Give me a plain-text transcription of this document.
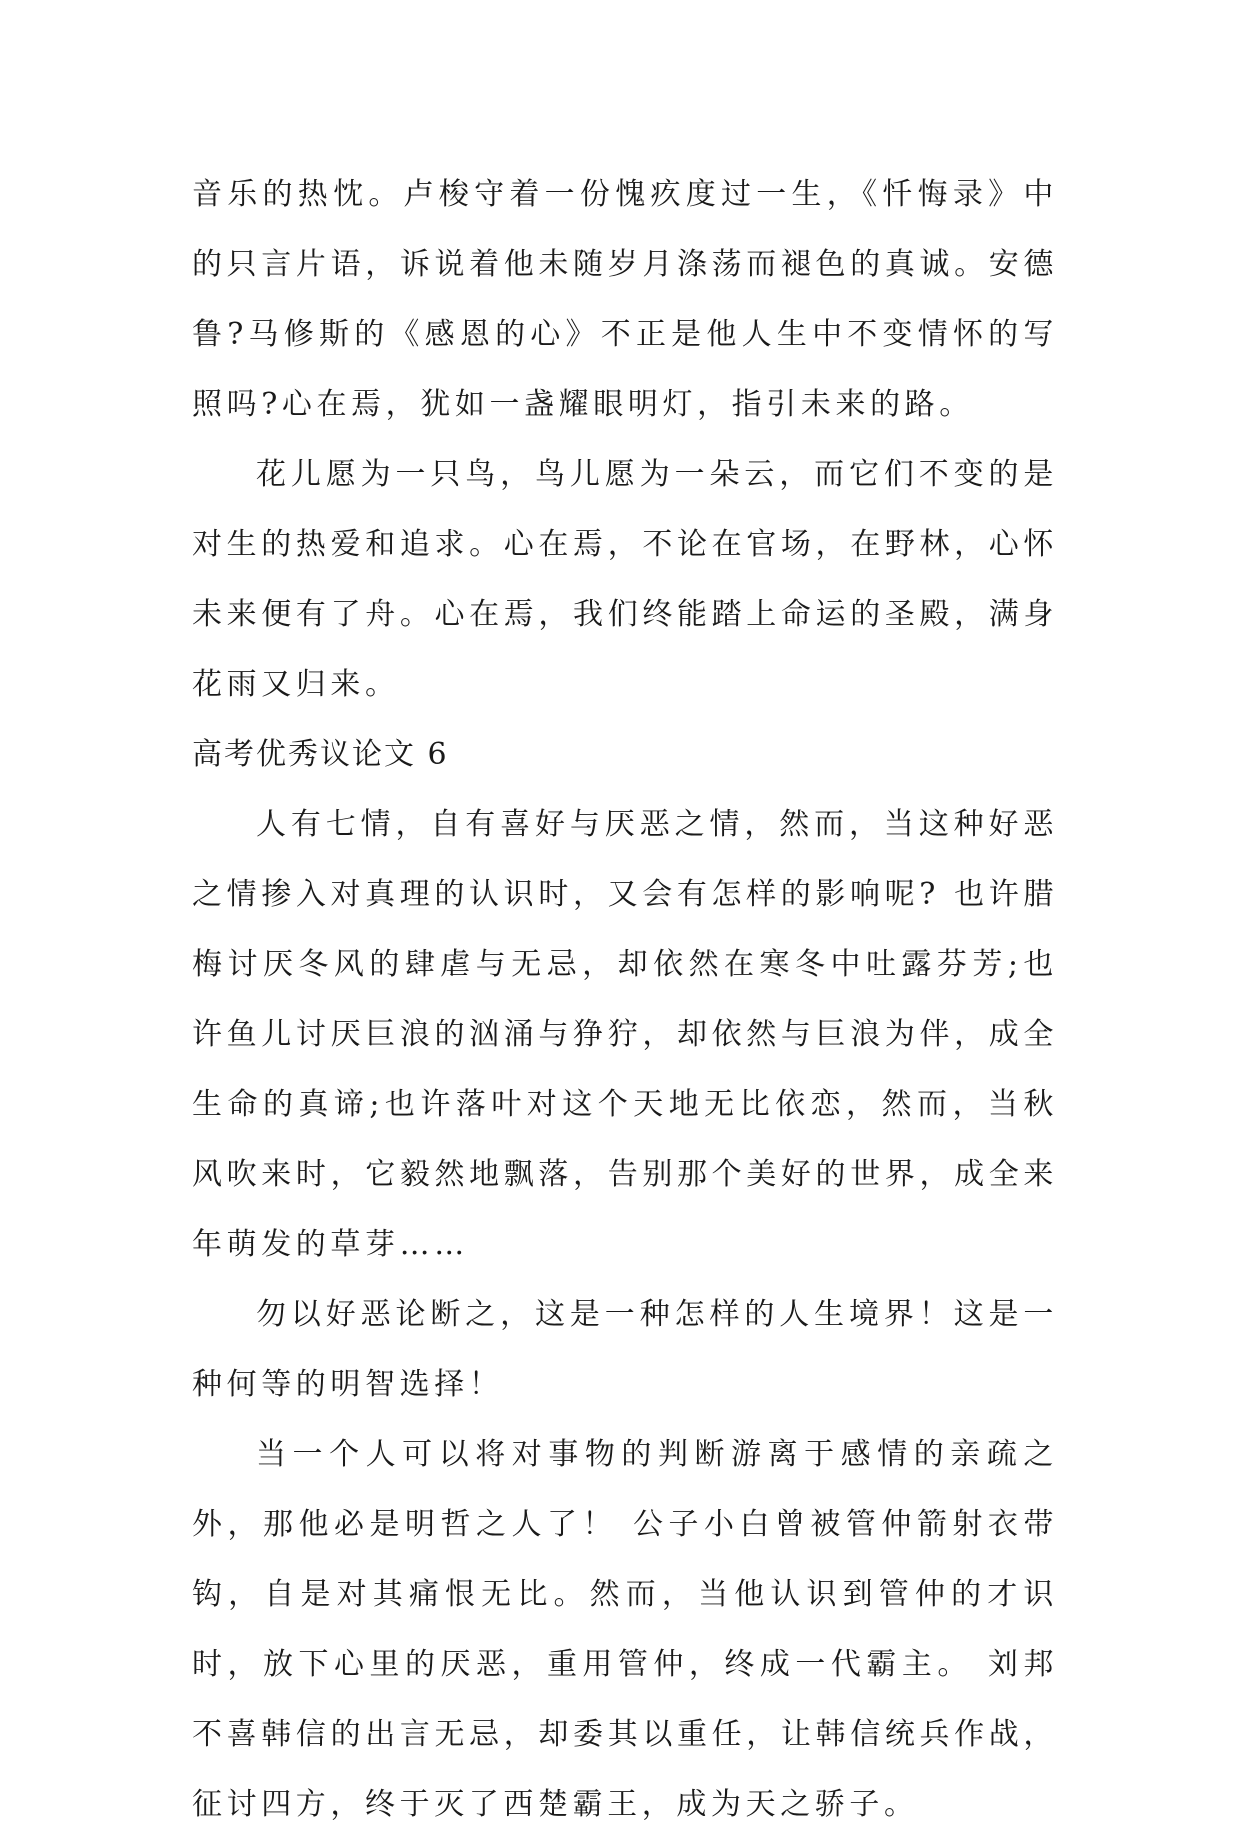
音乐的热忱。卢梭守着一份愧疚度过一生，《忏悔录》中的只言片语，诉说着他未随岁月涤荡而褪色的真诚。安德鲁?马修斯的《感恩的心》不正是他人生中不变情怀的写照吗?心在焉，犹如一盏耀眼明灯，指引未来的路。

花儿愿为一只鸟，鸟儿愿为一朵云，而它们不变的是对生的热爱和追求。心在焉，不论在官场，在野林，心怀未来便有了舟。心在焉，我们终能踏上命运的圣殿，满身花雨又归来。

高考优秀议论文 6

人有七情，自有喜好与厌恶之情，然而，当这种好恶之情掺入对真理的认识时，又会有怎样的影响呢? 也许腊梅讨厌冬风的肆虐与无忌，却依然在寒冬中吐露芬芳;也许鱼儿讨厌巨浪的汹涌与狰狞，却依然与巨浪为伴，成全生命的真谛;也许落叶对这个天地无比依恋，然而，当秋风吹来时，它毅然地飘落，告别那个美好的世界，成全来年萌发的草芽……

勿以好恶论断之，这是一种怎样的人生境界！这是一种何等的明智选择！

当一个人可以将对事物的判断游离于感情的亲疏之外，那他必是明哲之人了！ 公子小白曾被管仲箭射衣带钩，自是对其痛恨无比。然而，当他认识到管仲的才识时，放下心里的厌恶，重用管仲，终成一代霸主。 刘邦不喜韩信的出言无忌，却委其以重任，让韩信统兵作战，征讨四方，终于灭了西楚霸王，成为天之骄子。
